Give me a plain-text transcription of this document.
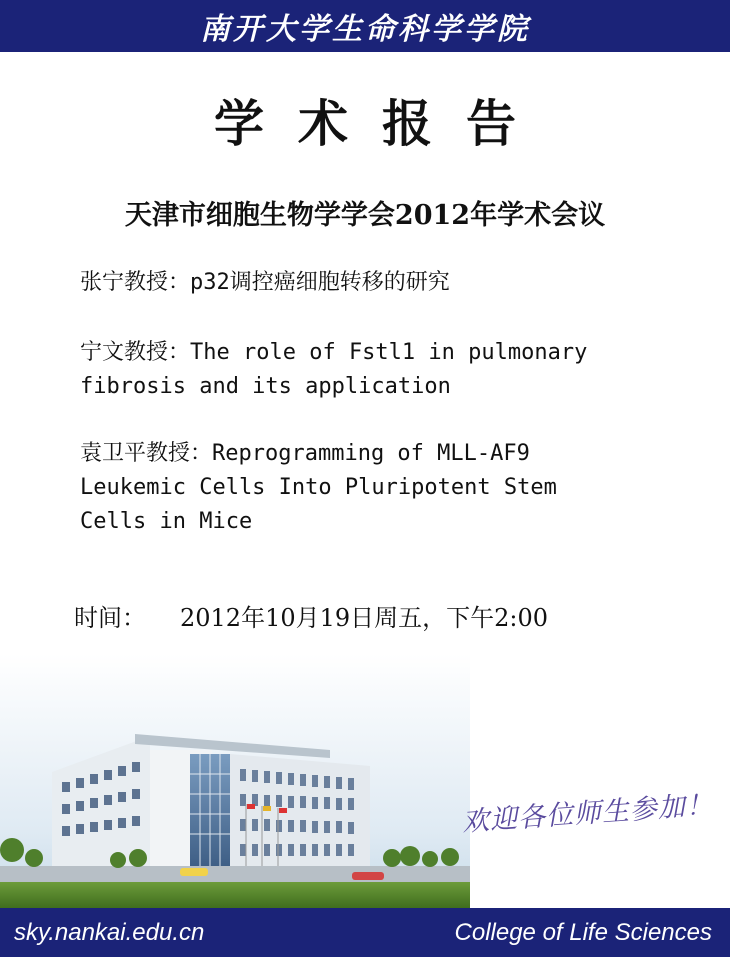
南开大学生命科学学院
学术报告
天津市细胞生物学学会2012年学术会议
张宁教授：p32调控癌细胞转移的研究
宁文教授：The role of Fstl1 in pulmonary
fibrosis and its application
袁卫平教授：Reprogramming of MLL-AF9
Leukemic Cells Into Pluripotent Stem
Cells in Mice
时间：	2012年10月19日周五，下午2:00
欢迎各位师生参加！
sky.nankai.edu.cn	College of Life Sciences
